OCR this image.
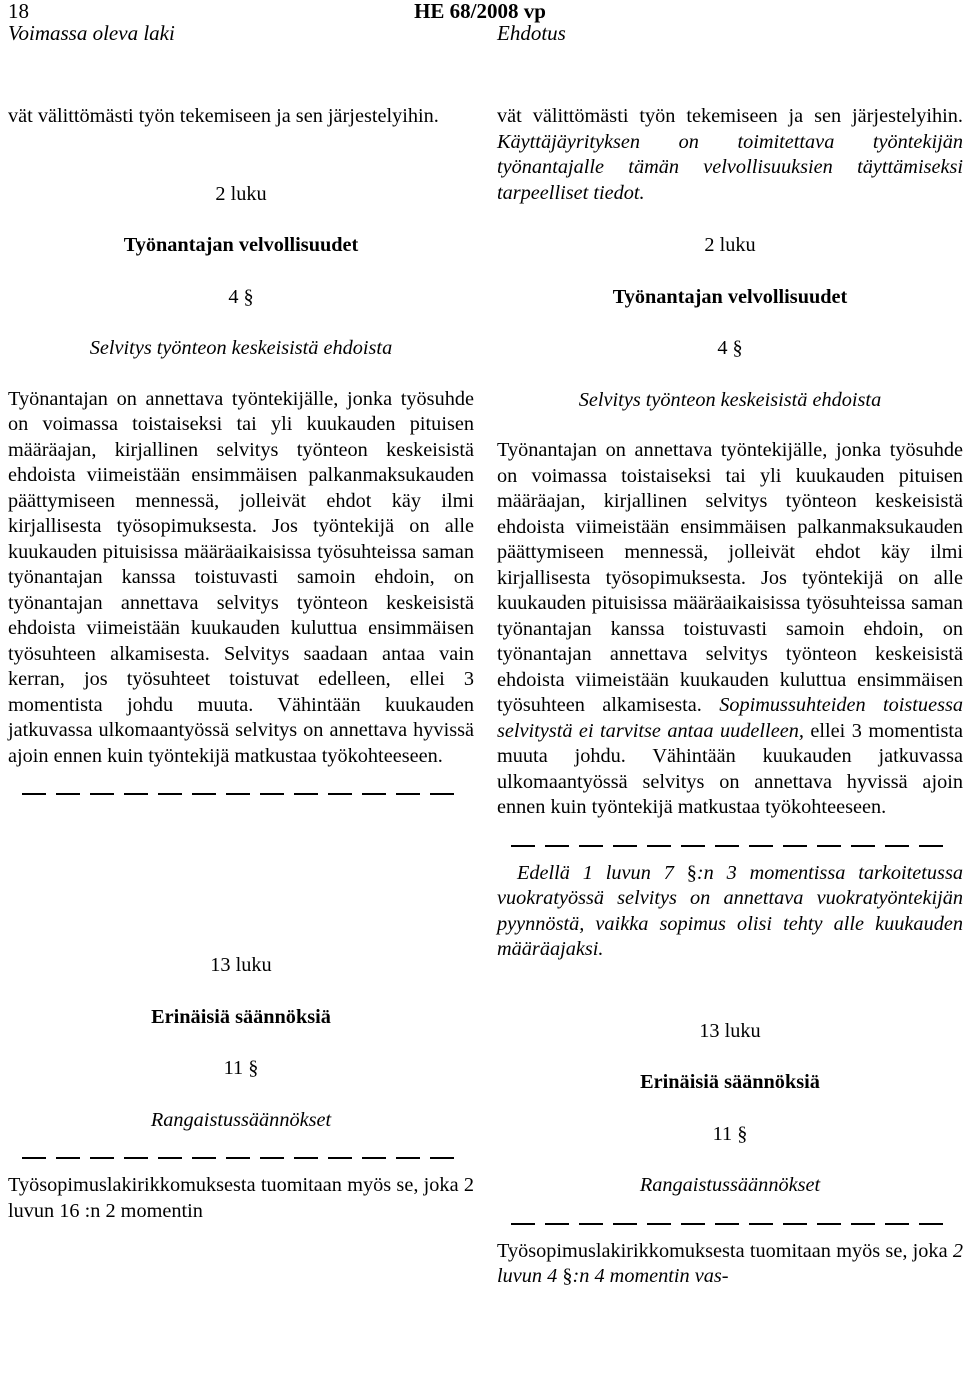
18	HE 68/2008 vp
Voimassa oleva laki	Ehdotus

vät välittömästi työn tekemiseen ja sen järjestelyihin.

2 luku

Työnantajan velvollisuudet

4 §

Selvitys työnteon keskeisistä ehdoista

Työnantajan on annettava työntekijälle, jonka työsuhde on voimassa toistaiseksi tai yli kuukauden pituisen määräajan, kirjallinen selvitys työnteon keskeisistä ehdoista viimeistään ensimmäisen palkanmaksukauden päättymiseen mennessä, jolleivät ehdot käy ilmi kirjallisesta työsopimuksesta. Jos työntekijä on alle kuukauden pituisissa määräaikaisissa työsuhteissa saman työnantajan kanssa toistuvasti samoin ehdoin, on työnantajan annettava selvitys työnteon keskeisistä ehdoista viimeistään kuukauden kuluttua ensimmäisen työsuhteen alkamisesta. Selvitys saadaan antaa vain kerran, jos työsuhteet toistuvat edelleen, ellei 3 momentista johdu muuta. Vähintään kuukauden jatkuvassa ulkomaantyössä selvitys on annettava hyvissä ajoin ennen kuin työntekijä matkustaa työkohteeseen.

13 luku

Erinäisiä säännöksiä

11 §

Rangaistussäännökset

Työsopimuslakirikkomuksesta tuomitaan myös se, joka 2 luvun 16 :n 2 momentin

vät välittömästi työn tekemiseen ja sen järjestelyihin. Käyttäjäyrityksen on toimitettava työntekijän työnantajalle tämän velvollisuuksien täyttämiseksi tarpeelliset tiedot.

2 luku

Työnantajan velvollisuudet

4 §

Selvitys työnteon keskeisistä ehdoista

Työnantajan on annettava työntekijälle, jonka työsuhde on voimassa toistaiseksi tai yli kuukauden pituisen määräajan, kirjallinen selvitys työnteon keskeisistä ehdoista viimeistään ensimmäisen palkanmaksukauden päättymiseen mennessä, jolleivät ehdot käy ilmi kirjallisesta työsopimuksesta. Jos työntekijä on alle kuukauden pituisissa määräaikaisissa työsuhteissa saman työnantajan kanssa toistuvasti samoin ehdoin, on työnantajan annettava selvitys työnteon keskeisistä ehdoista viimeistään kuukauden kuluttua ensimmäisen työsuhteen alkamisesta. Sopimussuhteiden toistuessa selvitystä ei tarvitse antaa uudelleen, ellei 3 momentista muuta johdu. Vähintään kuukauden jatkuvassa ulkomaantyössä selvitys on annettava hyvissä ajoin ennen kuin työntekijä matkustaa työkohteeseen.

Edellä 1 luvun 7 §:n 3 momentissa tarkoitetussa vuokratyössä selvitys on annettava vuokratyöntekijän pyynnöstä, vaikka sopimus olisi tehty alle kuukauden määräajaksi.

13 luku

Erinäisiä säännöksiä

11 §

Rangaistussäännökset

Työsopimuslakirikkomuksesta tuomitaan myös se, joka 2 luvun 4 §:n 4 momentin vas-
